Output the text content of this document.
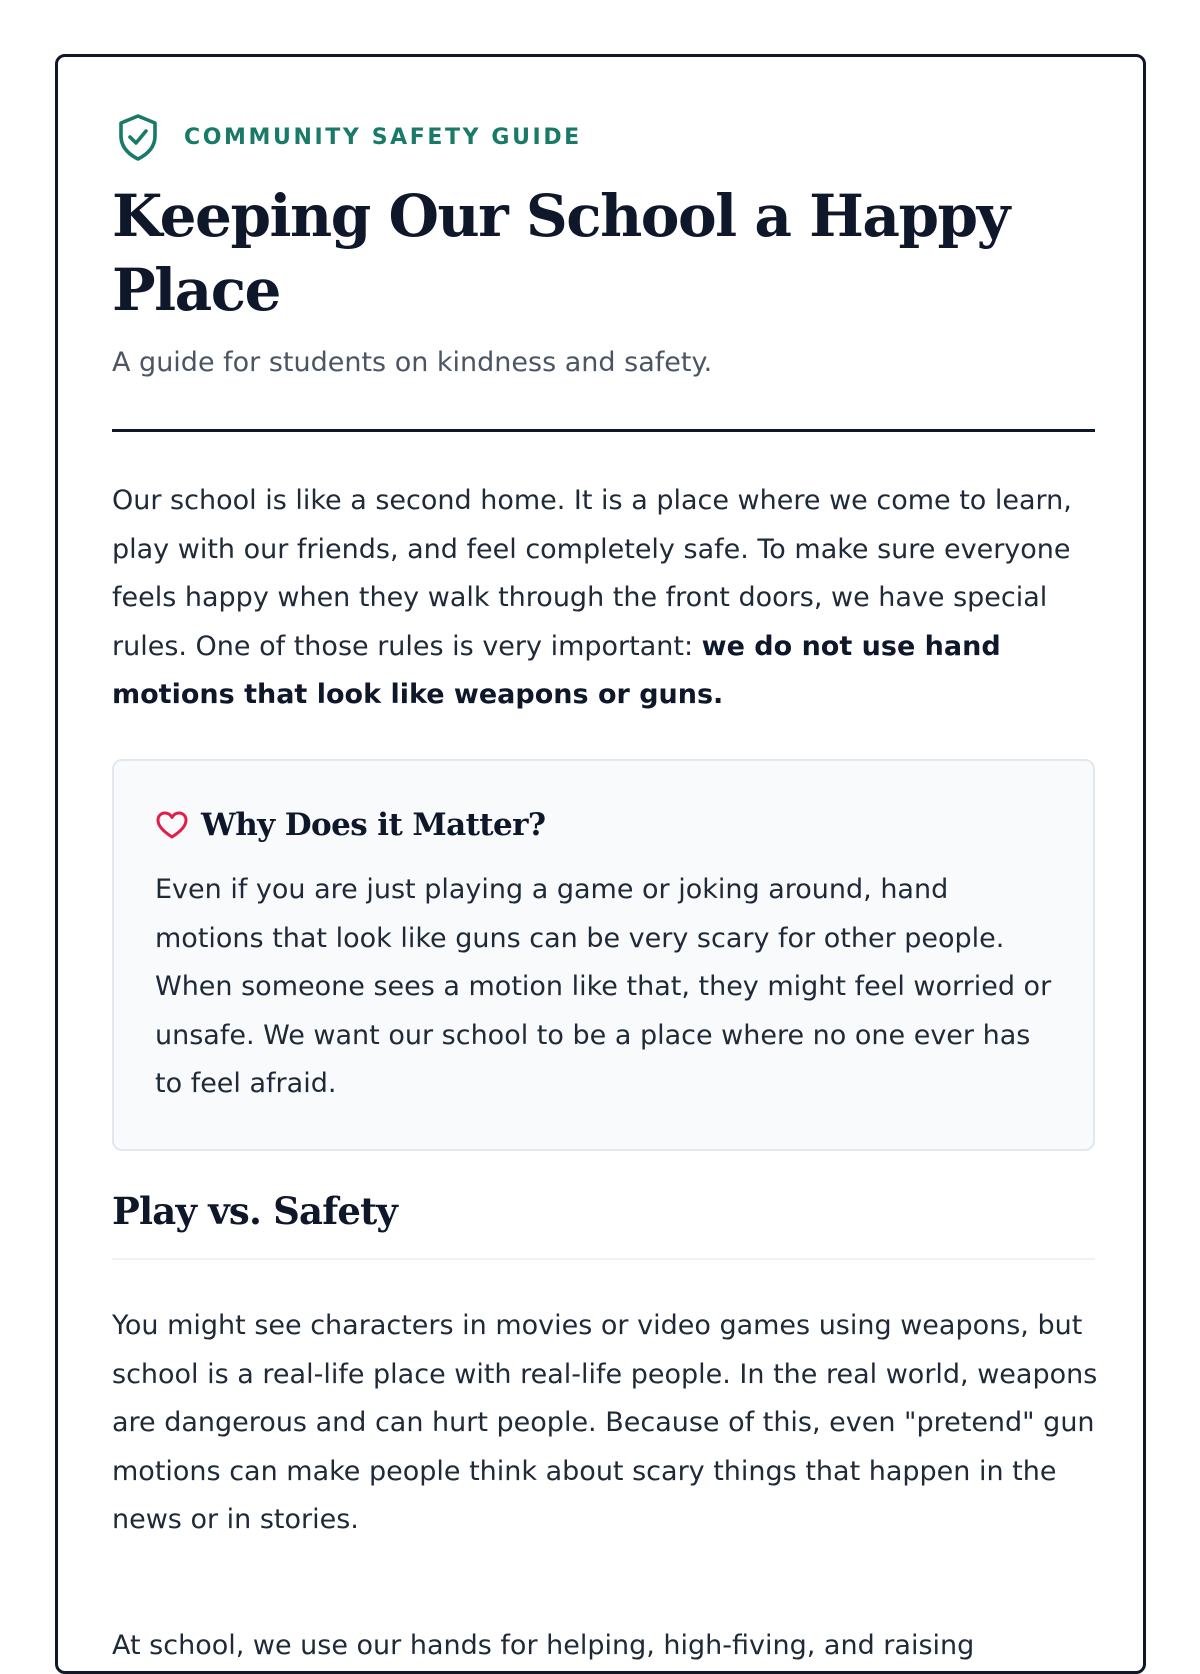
COMMUNITY SAFETY GUIDE
Keeping Our School a Happy Place
A guide for students on kindness and safety.

Our school is like a second home. It is a place where we come to learn, play with our friends, and feel completely safe. To make sure everyone feels happy when they walk through the front doors, we have special rules. One of those rules is very important: we do not use hand motions that look like weapons or guns.

Why Does it Matter?

Even if you are just playing a game or joking around, hand motions that look like guns can be very scary for other people. When someone sees a motion like that, they might feel worried or unsafe. We want our school to be a place where no one ever has to feel afraid.

Play vs. Safety

You might see characters in movies or video games using weapons, but school is a real-life place with real-life people. In the real world, weapons are dangerous and can hurt people. Because of this, even "pretend" gun motions can make people think about scary things that happen in the news or in stories.

At school, we use our hands for helping, high-fiving, and raising
